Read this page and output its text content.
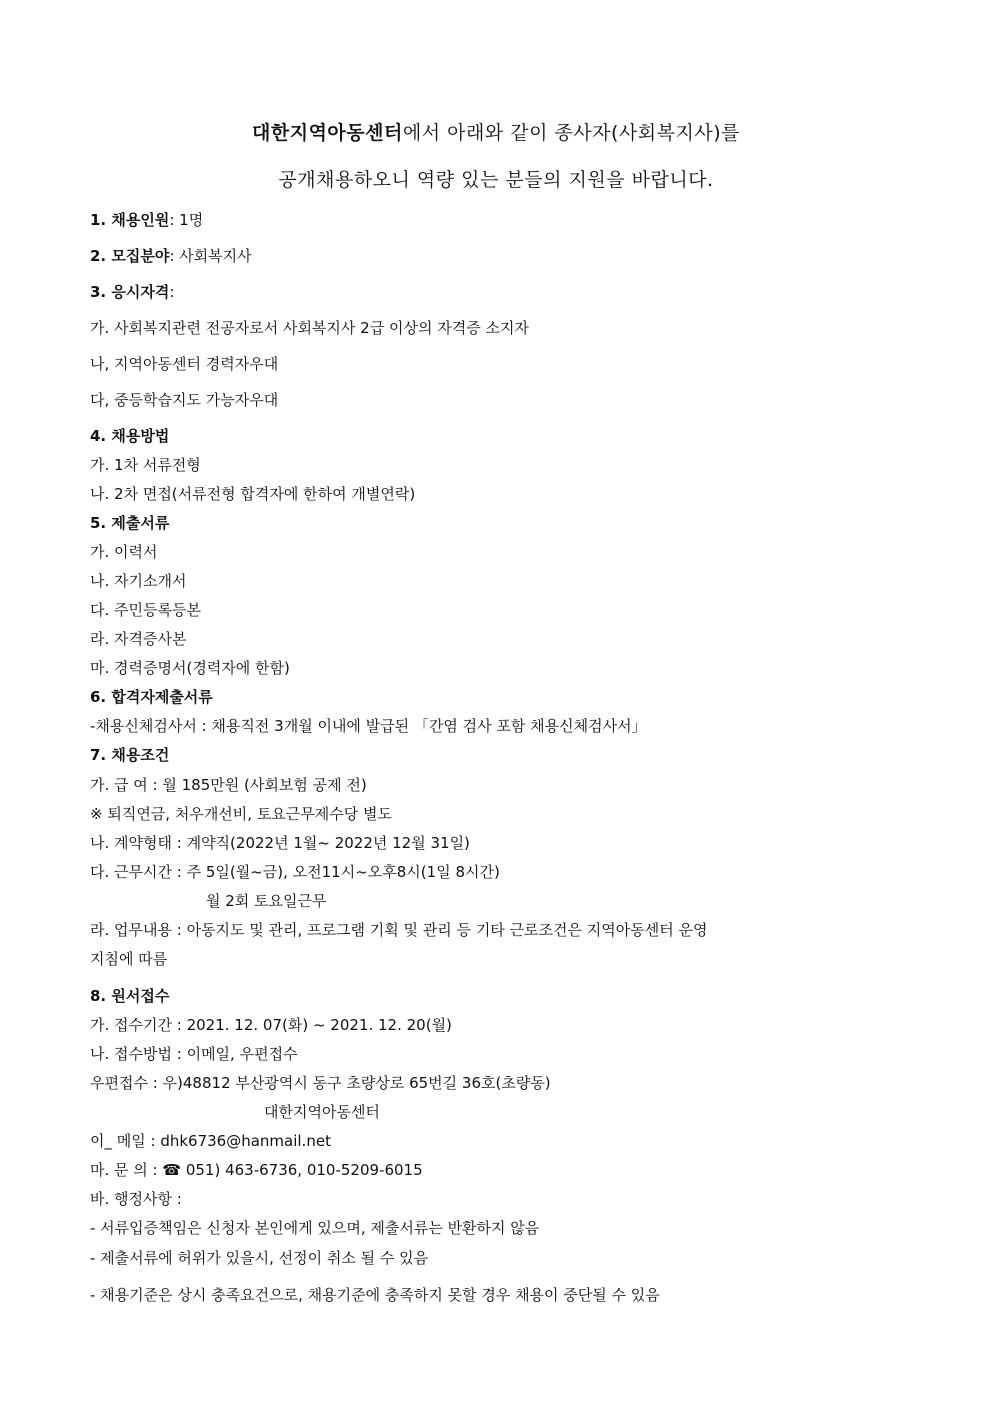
대한지역아동센터에서 아래와 같이 종사자(사회복지사)를
공개채용하오니 역량 있는 분들의 지원을 바랍니다.
1. 채용인원: 1명
2. 모집분야: 사회복지사
3. 응시자격:
가. 사회복지관련 전공자로서 사회복지사 2급 이상의 자격증 소지자
나, 지역아동센터 경력자우대
다, 중등학습지도 가능자우대
4. 채용방법
가. 1차 서류전형
나. 2차 면접(서류전형 합격자에 한하여 개별연락)
5. 제출서류
가. 이력서
나. 자기소개서
다. 주민등록등본
라. 자격증사본
마. 경력증명서(경력자에 한함)
6. 합격자제출서류
-채용신체검사서 : 채용직전 3개월 이내에 발급된 「간염 검사 포함 채용신체검사서」
7. 채용조건
가. 급 여 : 월 185만원 (사회보험 공제 전)
※ 퇴직연금, 처우개선비, 토요근무제수당 별도
나. 계약형태 : 계약직(2022년 1월~ 2022년 12월 31일)
다. 근무시간 : 주 5일(월~금), 오전11시~오후8시(1일 8시간)
월 2회 토요일근무
라. 업무내용 : 아동지도 및 관리, 프로그램 기획 및 관리 등 기타 근로조건은 지역아동센터 운영
지침에 따름
8. 원서접수
가. 접수기간 : 2021. 12. 07(화) ~ 2021. 12. 20(월)
나. 접수방법 : 이메일, 우편접수
우편접수 : 우)48812 부산광역시 동구 초량상로 65번길 36호(초량동)
대한지역아동센터
이_ 메일 : dhk6736@hanmail.net
마. 문 의 : ☎ 051) 463-6736, 010-5209-6015
바. 행정사항 :
- 서류입증책임은 신청자 본인에게 있으며, 제출서류는 반환하지 않음
- 제출서류에 허위가 있을시, 선정이 취소 될 수 있음
- 채용기준은 상시 충족요건으로, 채용기준에 충족하지 못할 경우 채용이 중단될 수 있음
